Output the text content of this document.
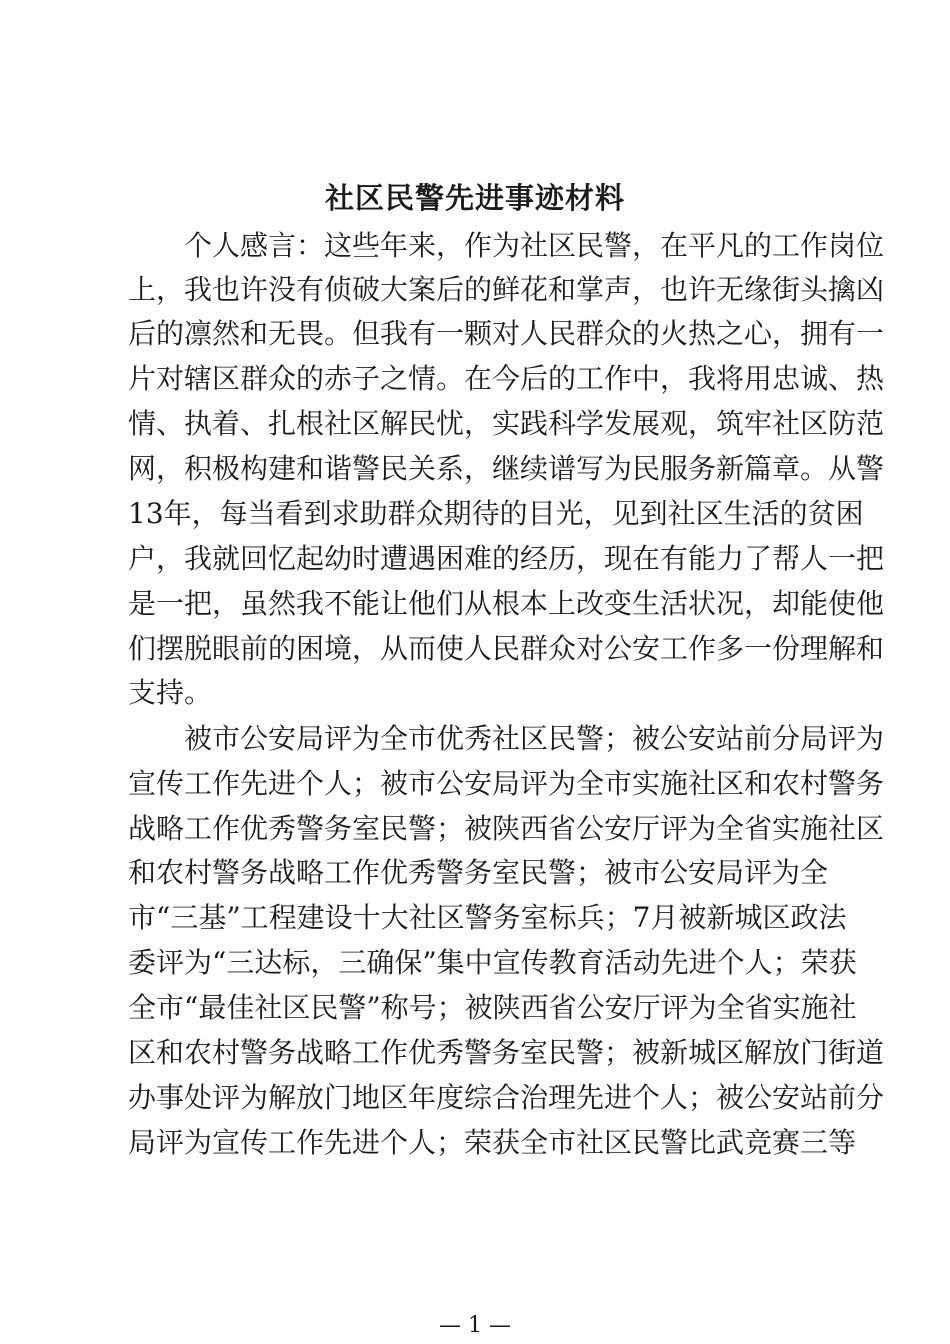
社区民警先进事迹材料
　　个人感言：这些年来，作为社区民警，在平凡的工作岗位
上，我也许没有侦破大案后的鲜花和掌声，也许无缘街头擒凶
后的凛然和无畏。但我有一颗对人民群众的火热之心，拥有一
片对辖区群众的赤子之情。在今后的工作中，我将用忠诚、热
情、执着、扎根社区解民忧，实践科学发展观，筑牢社区防范
网，积极构建和谐警民关系，继续谱写为民服务新篇章。从警
13年，每当看到求助群众期待的目光，见到社区生活的贫困
户，我就回忆起幼时遭遇困难的经历，现在有能力了帮人一把
是一把，虽然我不能让他们从根本上改变生活状况，却能使他
们摆脱眼前的困境，从而使人民群众对公安工作多一份理解和
支持。
　　被市公安局评为全市优秀社区民警；被公安站前分局评为
宣传工作先进个人；被市公安局评为全市实施社区和农村警务
战略工作优秀警务室民警；被陕西省公安厅评为全省实施社区
和农村警务战略工作优秀警务室民警；被市公安局评为全
市“三基”工程建设十大社区警务室标兵；7月被新城区政法
委评为“三达标，三确保”集中宣传教育活动先进个人；荣获
全市“最佳社区民警”称号；被陕西省公安厅评为全省实施社
区和农村警务战略工作优秀警务室民警；被新城区解放门街道
办事处评为解放门地区年度综合治理先进个人；被公安站前分
局评为宣传工作先进个人；荣获全市社区民警比武竞赛三等
— 1 —
